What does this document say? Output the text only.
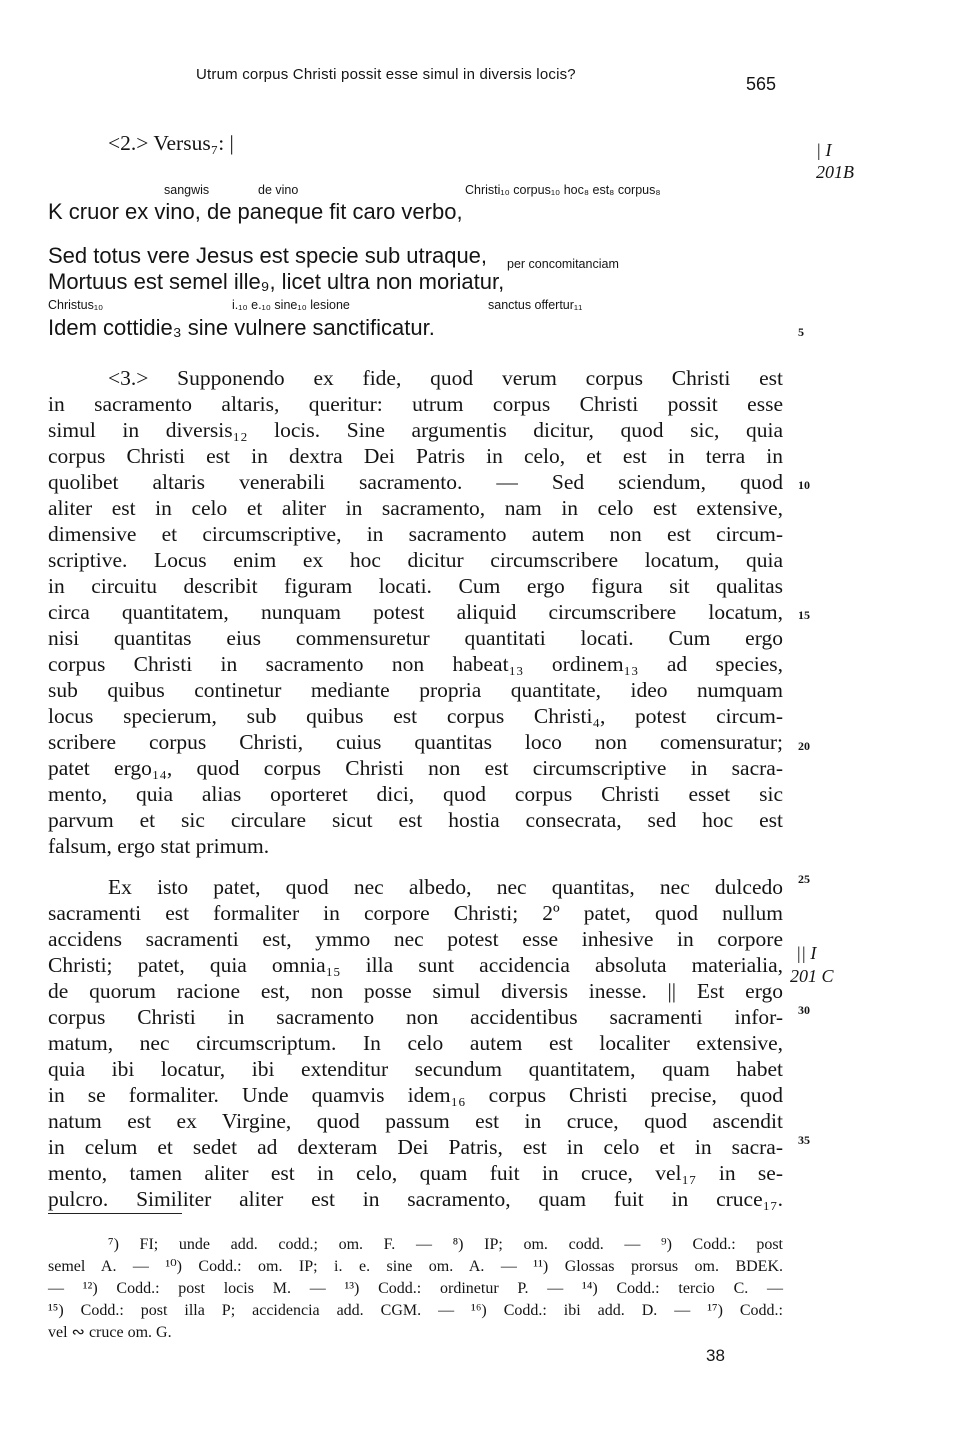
Utrum corpus Christi possit esse simul in diversis locis?	565
| I
201B
|| I
201 C
5
10
15
20
25
30
35
<2.> Versus₇: |
sangwis	de vino	Christi₁₀ corpus₁₀ hoc₈ est₈ corpus₈
K cruor ex vino, de paneque fit caro verbo,
per concomitanciam
Sed totus vere Jesus est specie sub utraque,
Mortuus est semel ille₉, licet ultra non moriatur,
Christus₁₀	i.₁₀ e.₁₀ sine₁₀ lesione	sanctus offertur₁₁
Idem cottidie₃ sine vulnere sanctificatur.
<3.> Supponendo ex fide, quod verum corpus Christi est
in sacramento altaris, queritur: utrum corpus Christi possit esse
simul in diversis₁₂ locis. Sine argumentis dicitur, quod sic, quia
corpus Christi est in dextra Dei Patris in celo, et est in terra in
quolibet altaris venerabili sacramento. — Sed sciendum, quod
aliter est in celo et aliter in sacramento, nam in celo est extensive,
dimensive et circumscriptive, in sacramento autem non est circum-
scriptive. Locus enim ex hoc dicitur circumscribere locatum, quia
in circuitu describit figuram locati. Cum ergo figura sit qualitas
circa quantitatem, nunquam potest aliquid circumscribere locatum,
nisi quantitas eius commensuretur quantitati locati. Cum ergo
corpus Christi in sacramento non habeat₁₃ ordinem₁₃ ad species,
sub quibus continetur mediante propria quantitate, ideo numquam
locus specierum, sub quibus est corpus Christi₄, potest circum-
scribere corpus Christi, cuius quantitas loco non comensuratur;
patet ergo₁₄, quod corpus Christi non est circumscriptive in sacra-
mento, quia alias oporteret dici, quod corpus Christi esset sic
parvum et sic circulare sicut est hostia consecrata, sed hoc est
falsum, ergo stat primum.
Ex isto patet, quod nec albedo, nec quantitas, nec dulcedo
sacramenti est formaliter in corpore Christi; 2º patet, quod nullum
accidens sacramenti est, ymmo nec potest esse inhesive in corpore
Christi; patet, quia omnia₁₅ illa sunt accidencia absoluta materialia,
de quorum racione est, non posse simul diversis inesse. || Est ergo
corpus Christi in sacramento non accidentibus sacramenti infor-
matum, nec circumscriptum. In celo autem est localiter extensive,
quia ibi locatur, ibi extenditur secundum quantitatem, quam habet
in se formaliter. Unde quamvis idem₁₆ corpus Christi precise, quod
natum est ex Virgine, quod passum est in cruce, quod ascendit
in celum et sedet ad dexteram Dei Patris, est in celo et in sacra-
mento, tamen aliter est in celo, quam fuit in cruce, vel₁₇ in se-
pulcro. Similiter aliter est in sacramento, quam fuit in cruce₁₇.
⁷) FI; unde add. codd.; om. F. — ⁸) IP; om. codd. — ⁹) Codd.: post
semel A. — ¹⁰) Codd.: om. IP; i. e. sine om. A. — ¹¹) Glossas prorsus om. BDEK.
— ¹²) Codd.: post locis M. — ¹³) Codd.: ordinetur P. — ¹⁴) Codd.: tercio C. —
¹⁵) Codd.: post illa P; accidencia add. CGM. — ¹⁶) Codd.: ibi add. D. — ¹⁷) Codd.:
vel ∾ cruce om. G.
38
